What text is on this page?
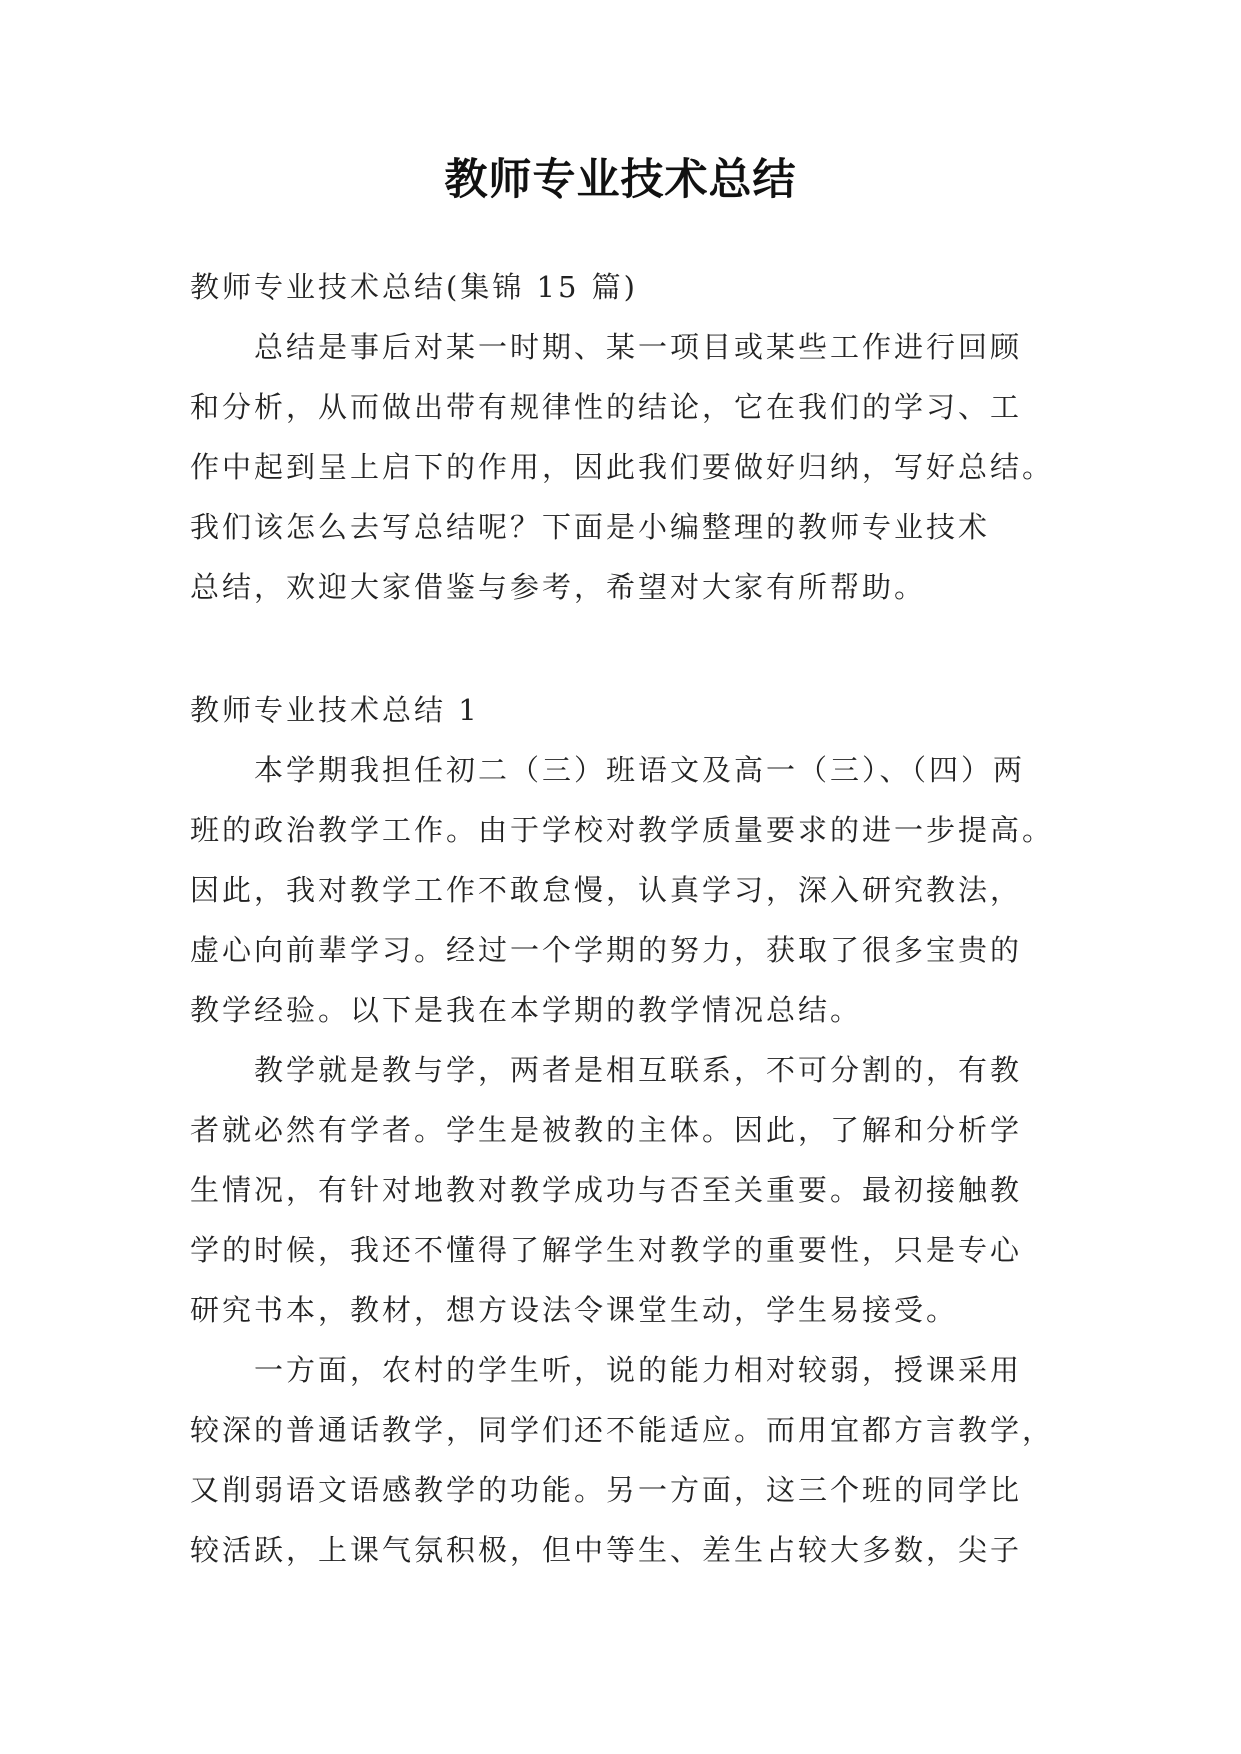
教师专业技术总结
教师专业技术总结(集锦 15 篇)
总结是事后对某一时期、某一项目或某些工作进行回顾
和分析，从而做出带有规律性的结论，它在我们的学习、工
作中起到呈上启下的作用，因此我们要做好归纳，写好总结。
我们该怎么去写总结呢？下面是小编整理的教师专业技术
总结，欢迎大家借鉴与参考，希望对大家有所帮助。
教师专业技术总结 1
本学期我担任初二（三）班语文及高一（三）、（四）两
班的政治教学工作。由于学校对教学质量要求的进一步提高。
因此，我对教学工作不敢怠慢，认真学习，深入研究教法，
虚心向前辈学习。经过一个学期的努力，获取了很多宝贵的
教学经验。以下是我在本学期的教学情况总结。
教学就是教与学，两者是相互联系，不可分割的，有教
者就必然有学者。学生是被教的主体。因此，了解和分析学
生情况，有针对地教对教学成功与否至关重要。最初接触教
学的时候，我还不懂得了解学生对教学的重要性，只是专心
研究书本，教材，想方设法令课堂生动，学生易接受。
一方面，农村的学生听，说的能力相对较弱，授课采用
较深的普通话教学，同学们还不能适应。而用宜都方言教学，
又削弱语文语感教学的功能。另一方面，这三个班的同学比
较活跃，上课气氛积极，但中等生、差生占较大多数，尖子
